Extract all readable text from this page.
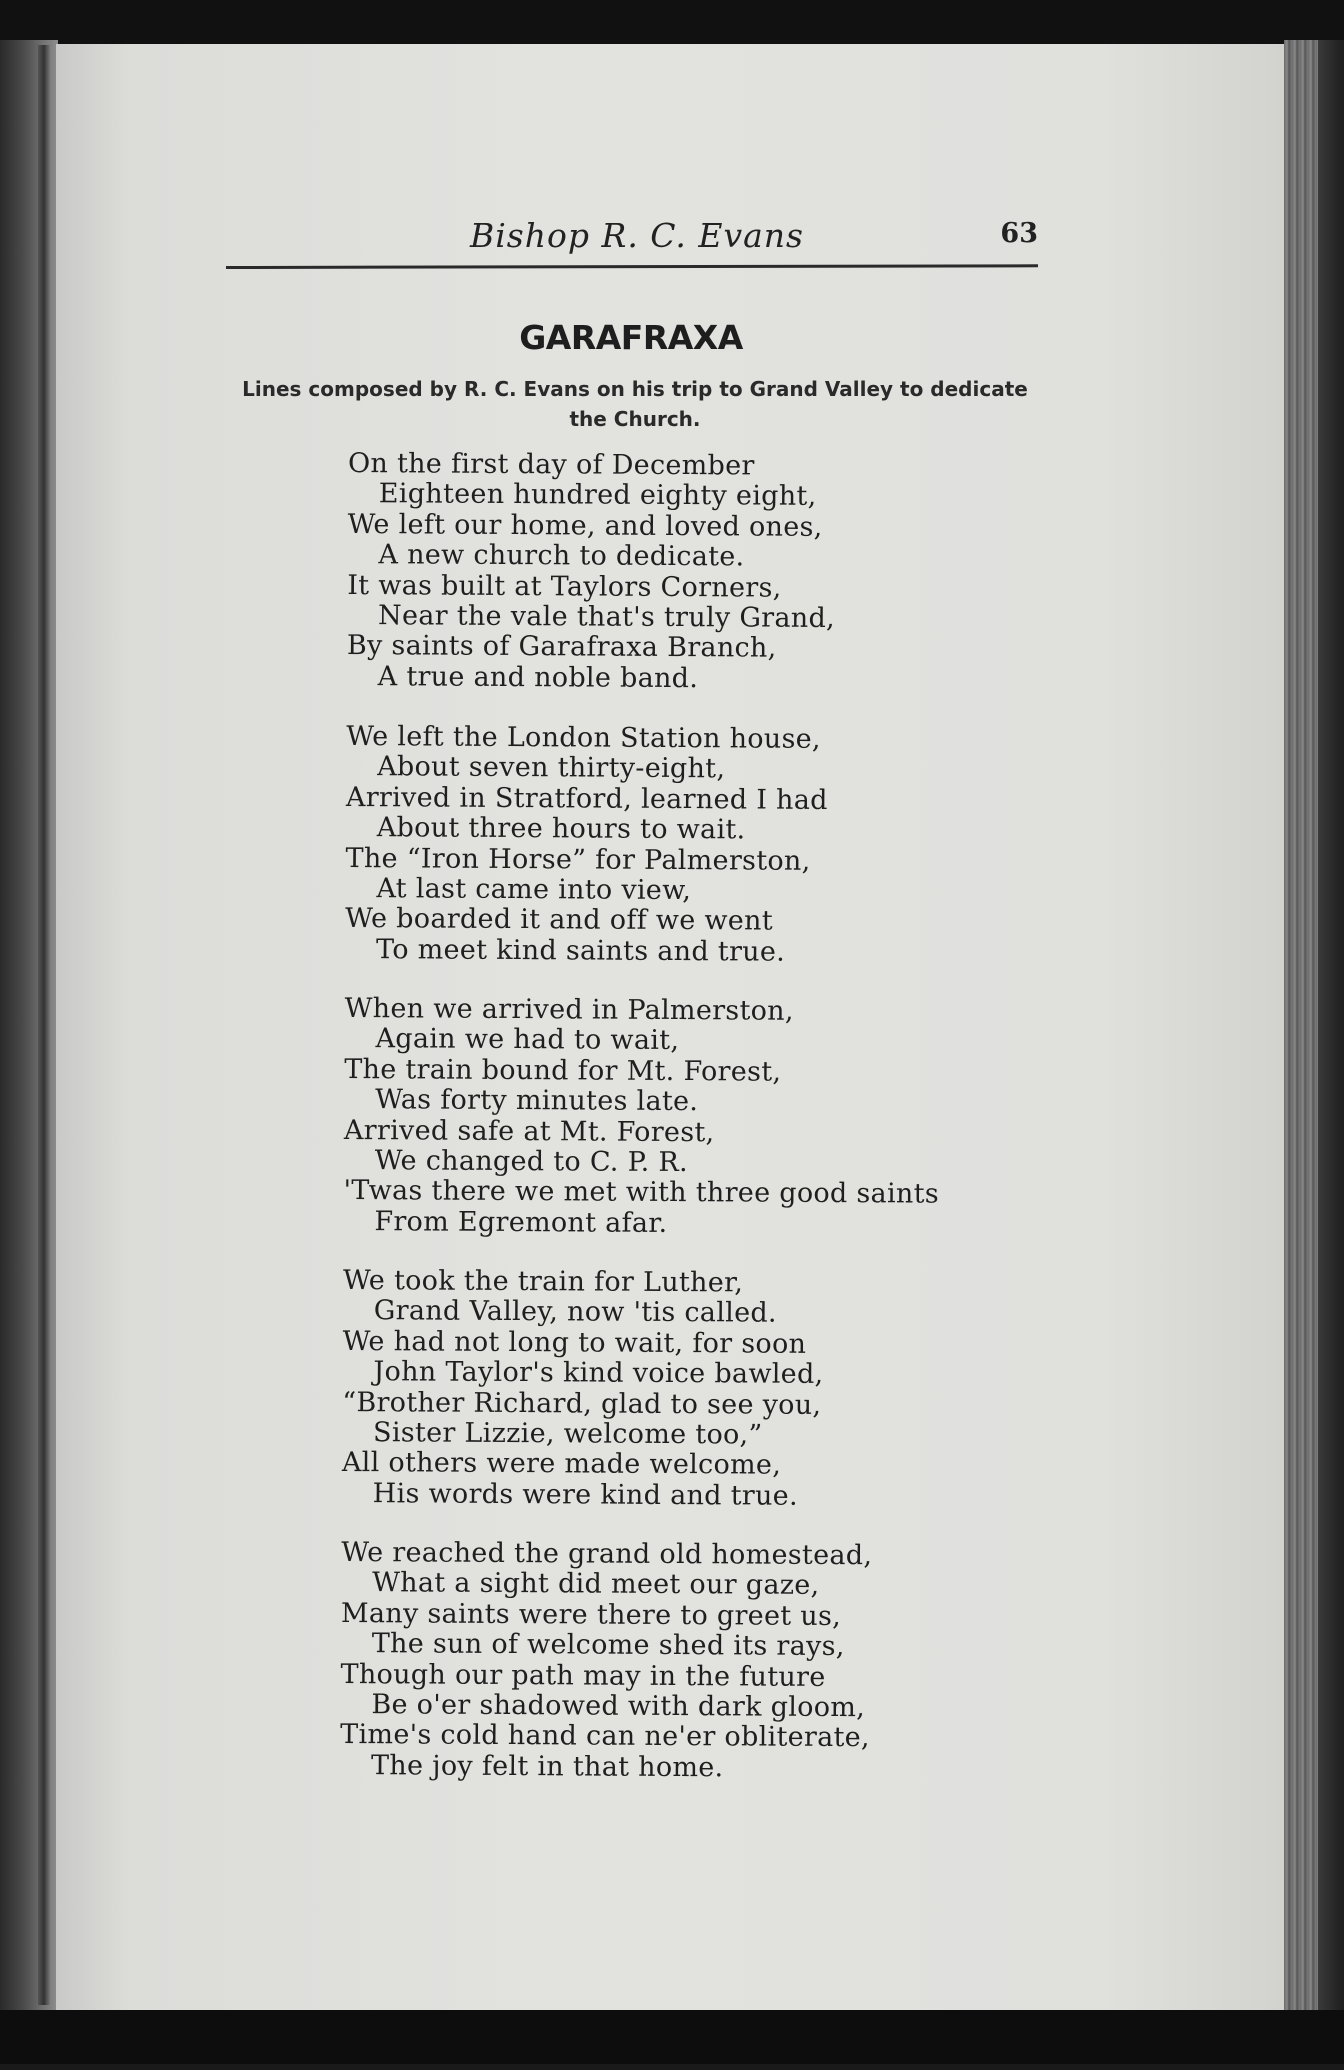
Bishop R. C. Evans	63
GARAFRAXA
Lines composed by R. C. Evans on his trip to Grand Valley to dedicate the Church.
On the first day of December
Eighteen hundred eighty eight,
We left our home, and loved ones,
A new church to dedicate.
It was built at Taylors Corners,
Near the vale that's truly Grand,
By saints of Garafraxa Branch,
A true and noble band.
We left the London Station house,
About seven thirty-eight,
Arrived in Stratford, learned I had
About three hours to wait.
The “Iron Horse” for Palmerston,
At last came into view,
We boarded it and off we went
To meet kind saints and true.
When we arrived in Palmerston,
Again we had to wait,
The train bound for Mt. Forest,
Was forty minutes late.
Arrived safe at Mt. Forest,
We changed to C. P. R.
'Twas there we met with three good saints
From Egremont afar.
We took the train for Luther,
Grand Valley, now 'tis called.
We had not long to wait, for soon
John Taylor's kind voice bawled,
“Brother Richard, glad to see you,
Sister Lizzie, welcome too,”
All others were made welcome,
His words were kind and true.
We reached the grand old homestead,
What a sight did meet our gaze,
Many saints were there to greet us,
The sun of welcome shed its rays,
Though our path may in the future
Be o'er shadowed with dark gloom,
Time's cold hand can ne'er obliterate,
The joy felt in that home.
